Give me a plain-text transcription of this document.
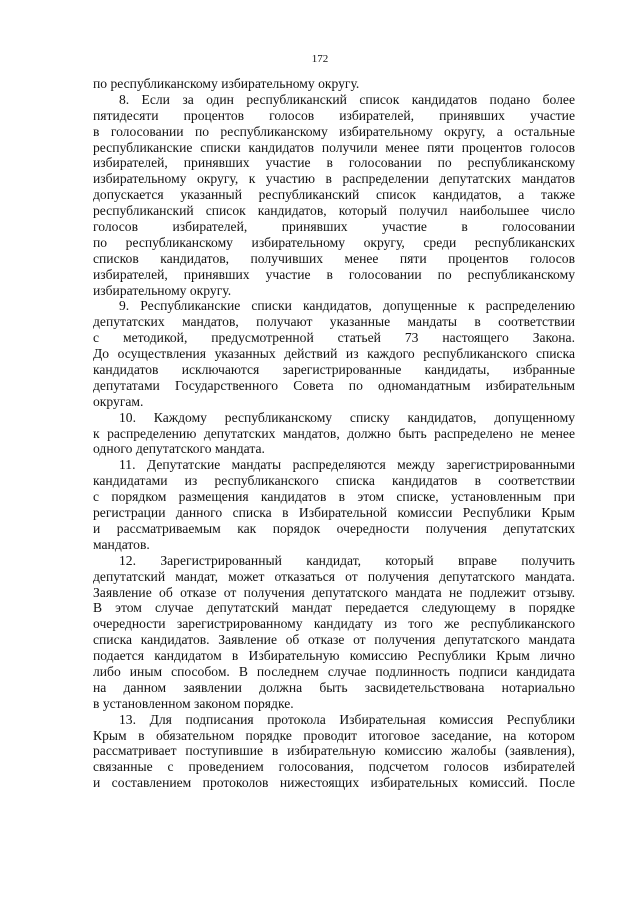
172
по республиканскому избирательному округу.
8. Если за один республиканский список кандидатов подано более
пятидесяти процентов голосов избирателей, принявших участие
в голосовании по республиканскому избирательному округу, а остальные
республиканские списки кандидатов получили менее пяти процентов голосов
избирателей, принявших участие в голосовании по республиканскому
избирательному округу, к участию в распределении депутатских мандатов
допускается указанный республиканский список кандидатов, а также
республиканский список кандидатов, который получил наибольшее число
голосов избирателей, принявших участие в голосовании
по республиканскому избирательному округу, среди республиканских
списков кандидатов, получивших менее пяти процентов голосов
избирателей, принявших участие в голосовании по республиканскому
избирательному округу.
9. Республиканские списки кандидатов, допущенные к распределению
депутатских мандатов, получают указанные мандаты в соответствии
с методикой, предусмотренной статьей 73 настоящего Закона.
До осуществления указанных действий из каждого республиканского списка
кандидатов исключаются зарегистрированные кандидаты, избранные
депутатами Государственного Совета по одномандатным избирательным
округам.
10. Каждому республиканскому списку кандидатов, допущенному
к распределению депутатских мандатов, должно быть распределено не менее
одного депутатского мандата.
11. Депутатские мандаты распределяются между зарегистрированными
кандидатами из республиканского списка кандидатов в соответствии
с порядком размещения кандидатов в этом списке, установленным при
регистрации данного списка в Избирательной комиссии Республики Крым
и рассматриваемым как порядок очередности получения депутатских
мандатов.
12. Зарегистрированный кандидат, который вправе получить
депутатский мандат, может отказаться от получения депутатского мандата.
Заявление об отказе от получения депутатского мандата не подлежит отзыву.
В этом случае депутатский мандат передается следующему в порядке
очередности зарегистрированному кандидату из того же республиканского
списка кандидатов. Заявление об отказе от получения депутатского мандата
подается кандидатом в Избирательную комиссию Республики Крым лично
либо иным способом. В последнем случае подлинность подписи кандидата
на данном заявлении должна быть засвидетельствована нотариально
в установленном законом порядке.
13. Для подписания протокола Избирательная комиссия Республики
Крым в обязательном порядке проводит итоговое заседание, на котором
рассматривает поступившие в избирательную комиссию жалобы (заявления),
связанные с проведением голосования, подсчетом голосов избирателей
и составлением протоколов нижестоящих избирательных комиссий. После
